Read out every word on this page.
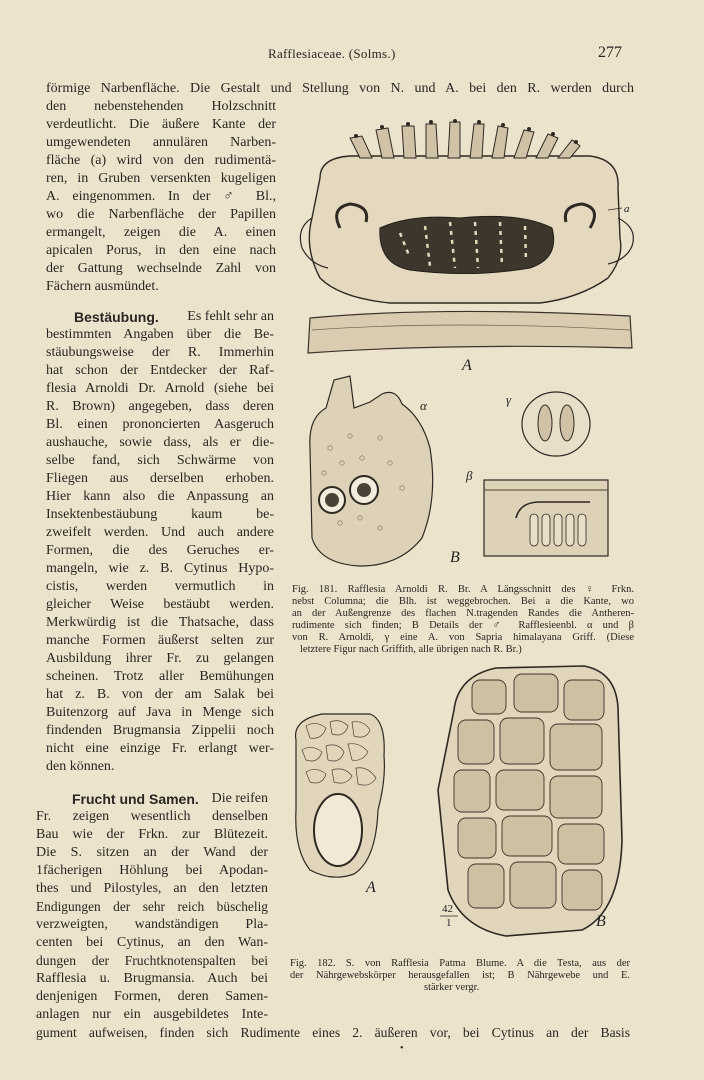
Rafflesiaceae. (Solms.)	277
förmige Narbenfläche. Die Gestalt und Stellung von N. und A. bei den R. werden durch
den nebenstehenden Holzschnitt
verdeutlicht. Die äußere Kante der
umgewendeten annulären Narben-
fläche (a) wird von den rudimentä-
ren, in Gruben versenkten kugeligen
A. eingenommen. In der ♂ Bl.,
wo die Narbenfläche der Papillen
ermangelt, zeigen die A. einen
apicalen Porus, in den eine nach
der Gattung wechselnde Zahl von
Fächern ausmündet.
Bestäubung. Es fehlt sehr an
bestimmten Angaben über die Be-
stäubungsweise der R. Immerhin
hat schon der Entdecker der Raf-
flesia Arnoldi Dr. Arnold (siehe bei
R. Brown) angegeben, dass deren
Bl. einen prononcierten Aasgeruch
aushauche, sowie dass, als er die-
selbe fand, sich Schwärme von
Fliegen aus derselben erhoben.
Hier kann also die Anpassung an
Insektenbestäubung kaum be-
zweifelt werden. Und auch andere
Formen, die des Geruches er-
mangeln, wie z. B. Cytinus Hypo-
cistis, werden vermutlich in
gleicher Weise bestäubt werden.
Merkwürdig ist die Thatsache, dass
manche Formen äußerst selten zur
Ausbildung ihrer Fr. zu gelangen
scheinen. Trotz aller Bemühungen
hat z. B. von der am Salak bei
Buitenzorg auf Java in Menge sich
findenden Brugmansia Zippelii noch
nicht eine einzige Fr. erlangt wer-
den können.
Frucht und Samen. Die reifen
Fr. zeigen wesentlich denselben
Bau wie der Frkn. zur Blütezeit.
Die S. sitzen an der Wand der
1fächerigen Höhlung bei Apodan-
thes und Pilostyles, an den letzten
Endigungen der sehr reich büschelig
verzweigten, wandständigen Pla-
centen bei Cytinus, an den Wan-
dungen der Fruchtknotenspalten bei
Rafflesia u. Brugmansia. Auch bei
denjenigen Formen, deren Samen-
anlagen nur ein ausgebildetes Inte-
gument aufweisen, finden sich Rudimente eines 2. äußeren vor, bei Cytinus an der Basis
•
a
A
α
B
γ
β
Fig. 181. Rafflesia Arnoldi R. Br. A Längsschnitt des ♀ Frkn.
nebst Columna; die Blh. ist weggebrochen. Bei a die Kante, wo
an der Außengrenze des flachen N.tragenden Randes die Antheren-
rudimente sich finden; B Details der ♂ Rafflesieenbl. α und β
von R. Arnoldi, γ eine A. von Sapria himalayana Griff. (Diese
letztere Figur nach Griffith, alle übrigen nach R. Br.)
A
42
1	B
Fig. 182. S. von Rafflesia Patma Blume. A die Testa, aus der
der Nährgewebskörper herausgefallen ist; B Nährgewebe und E.
stärker vergr.
